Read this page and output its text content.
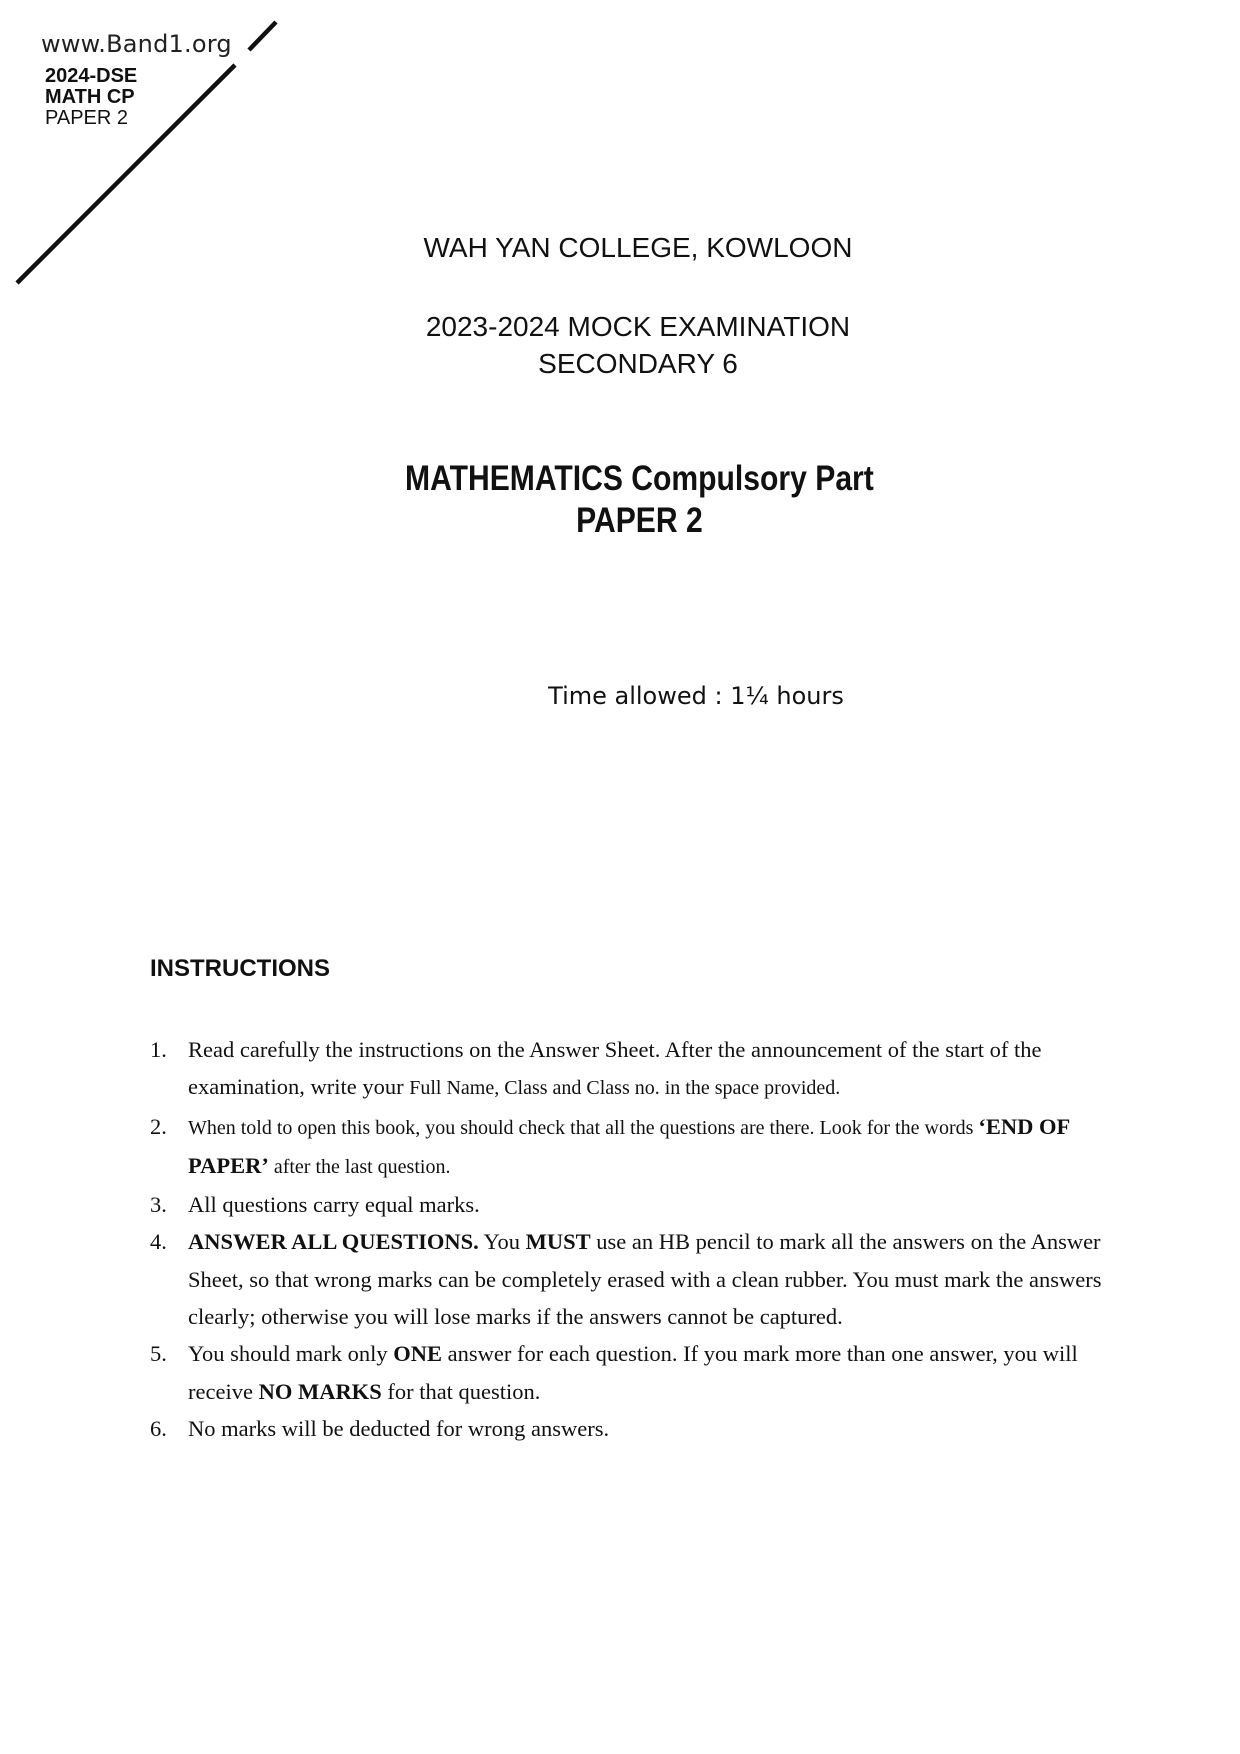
www.Band1.org
2024-DSE
MATH CP
PAPER 2
WAH YAN COLLEGE, KOWLOON
2023-2024 MOCK EXAMINATION
SECONDARY 6
MATHEMATICS Compulsory Part
PAPER 2
Time allowed : 1¼ hours
INSTRUCTIONS
1. Read carefully the instructions on the Answer Sheet. After the announcement of the start of the examination, write your Full Name, Class and Class no. in the space provided.
2.	When told to open this book, you should check that all the questions are there. Look for the words ‘END OF PAPER’ after the last question.
3. All questions carry equal marks.
4. ANSWER ALL QUESTIONS. You MUST use an HB pencil to mark all the answers on the Answer Sheet, so that wrong marks can be completely erased with a clean rubber. You must mark the answers clearly; otherwise you will lose marks if the answers cannot be captured.
5. You should mark only ONE answer for each question. If you mark more than one answer, you will receive NO MARKS for that question.
6. No marks will be deducted for wrong answers.
